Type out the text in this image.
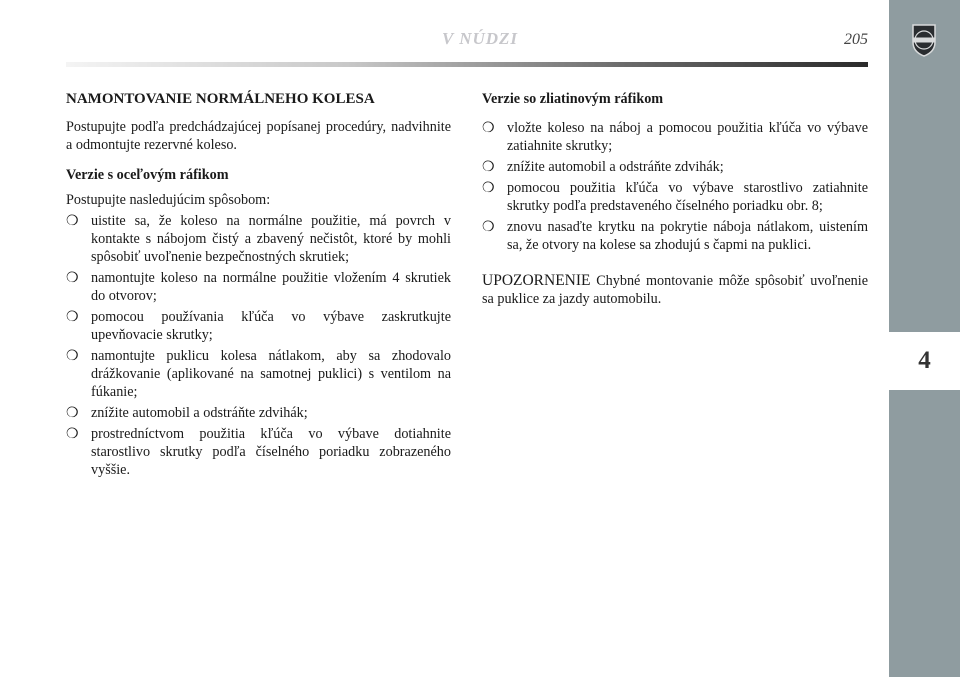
V NÚDZI	205
4
NAMONTOVANIE NORMÁLNEHO KOLESA

Postupujte podľa predchádzajúcej popísanej procedúry, nadvihnite a odmontujte rezervné koleso.

Verzie s oceľovým ráfikom

Postupujte nasledujúcim spôsobom:

❍ uistite sa, že koleso na normálne použitie, má povrch v kontakte s nábojom čistý a zbavený nečistôt, ktoré by mohli spôsobiť uvoľnenie bezpečnostných skrutiek;
❍ namontujte koleso na normálne použitie vložením 4 skrutiek do otvorov;
❍ pomocou používania kľúča vo výbave zaskrutkujte upevňovacie skrutky;
❍ namontujte puklicu kolesa nátlakom, aby sa zhodovalo drážkovanie (aplikované na samotnej puklici) s ventilom na fúkanie;
❍ znížite automobil a odstráňte zdvihák;
❍ prostredníctvom použitia kľúča vo výbave dotiahnite starostlivo skrutky podľa číselného poriadku zobrazeného vyššie.
Verzie so zliatinovým ráfikom
❍ vložte koleso na náboj a pomocou použitia kľúča vo výbave zatiahnite skrutky;
❍ znížite automobil a odstráňte zdvihák;
❍ pomocou použitia kľúča vo výbave starostlivo zatiahnite skrutky podľa predstaveného číselného poriadku obr. 8;
❍ znovu nasaďte krytku na pokrytie náboja nátlakom, uistením sa, že otvory na kolese sa zhodujú s čapmi na puklici.

UPOZORNENIE Chybné montovanie môže spôsobiť uvoľnenie sa puklice za jazdy automobilu.
